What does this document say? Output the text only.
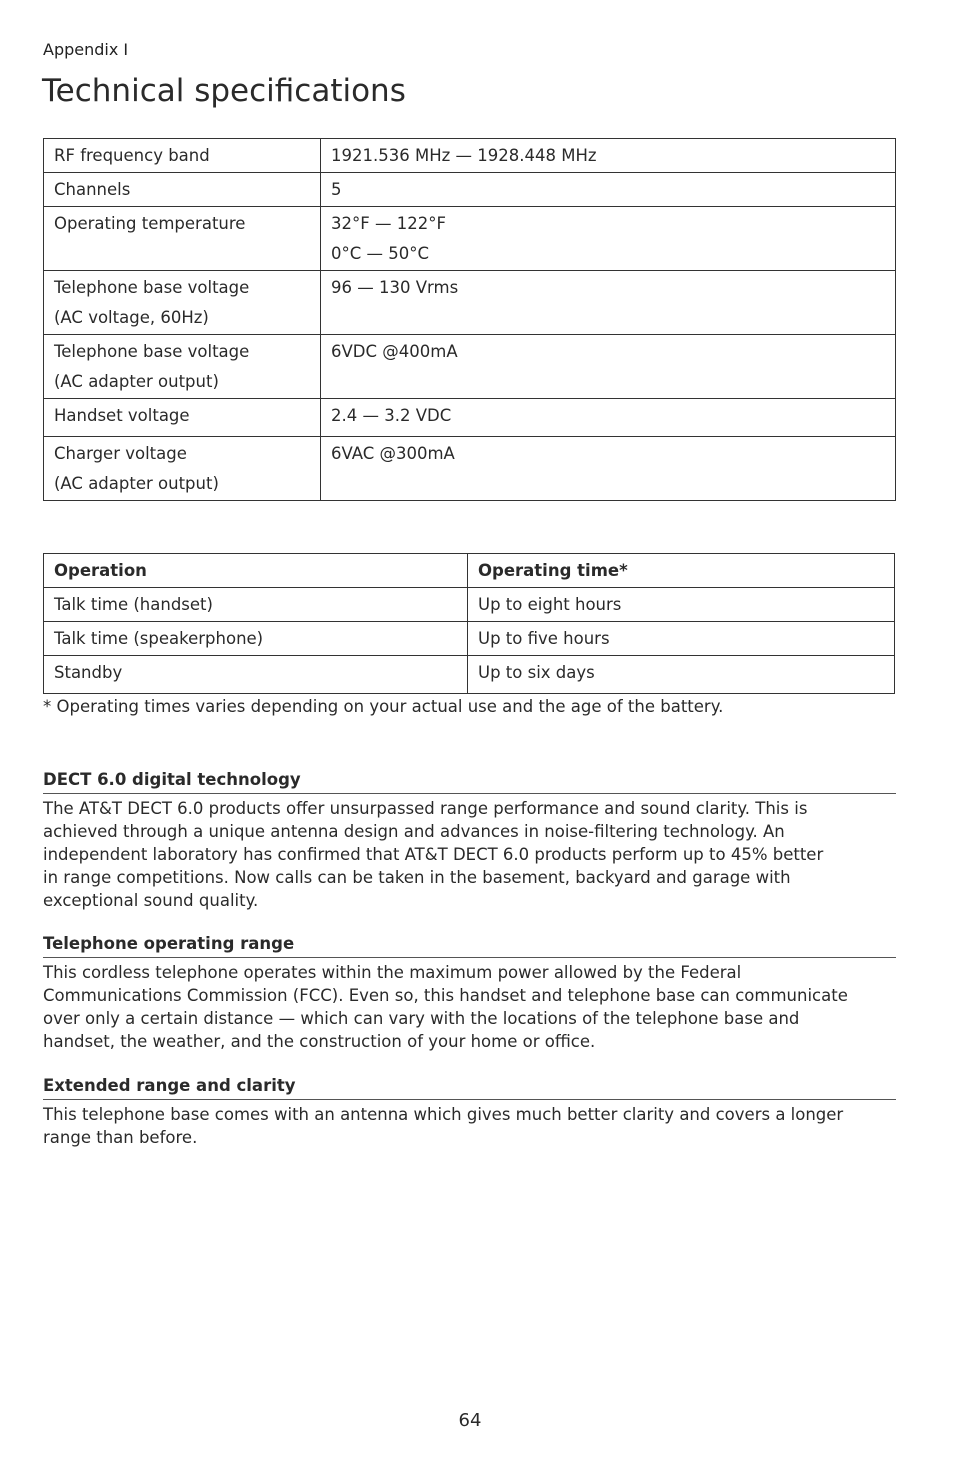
Appendix I
Technical specifications
RF frequency band	1921.536 MHz — 1928.448 MHz

Channels	5

Operating temperature	32°F — 122°F
0°C — 50°C

Telephone base voltage
(AC voltage, 60Hz)	96 — 130 Vrms

Telephone base voltage
(AC adapter output)	6VDC @400mA

Handset voltage	2.4 — 3.2 VDC

Charger voltage
(AC adapter output)	6VAC @300mA
Operation	Operating time*
Talk time (handset)	Up to eight hours
Talk time (speakerphone)	Up to five hours
Standby	Up to six days
* Operating times varies depending on your actual use and the age of the battery.
DECT 6.0 digital technology

The AT&T DECT 6.0 products offer unsurpassed range performance and sound clarity. This is
achieved through a unique antenna design and advances in noise-filtering technology. An
independent laboratory has confirmed that AT&T DECT 6.0 products perform up to 45% better
in range competitions. Now calls can be taken in the basement, backyard and garage with
exceptional sound quality.

Telephone operating range

This cordless telephone operates within the maximum power allowed by the Federal
Communications Commission (FCC). Even so, this handset and telephone base can communicate
over only a certain distance — which can vary with the locations of the telephone base and
handset, the weather, and the construction of your home or office.

Extended range and clarity

This telephone base comes with an antenna which gives much better clarity and covers a longer
range than before.

64
